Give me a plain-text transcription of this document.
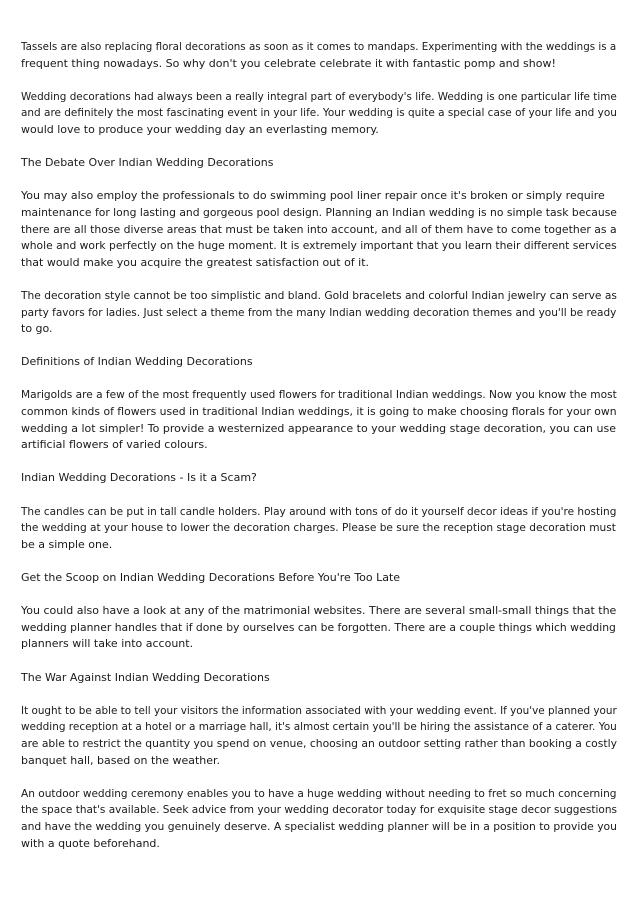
Tassels are also replacing floral decorations as soon as it comes to mandaps. Experimenting with the weddings is a
frequent thing nowadays. So why don't you celebrate celebrate it with fantastic pomp and show!
Wedding decorations had always been a really integral part of everybody's life. Wedding is one particular life time
and are definitely the most fascinating event in your life. Your wedding is quite a special case of your life and you
would love to produce your wedding day an everlasting memory.
The Debate Over Indian Wedding Decorations
You may also employ the professionals to do swimming pool liner repair once it's broken or simply require
maintenance for long lasting and gorgeous pool design. Planning an Indian wedding is no simple task because
there are all those diverse areas that must be taken into account, and all of them have to come together as a
whole and work perfectly on the huge moment. It is extremely important that you learn their different services
that would make you acquire the greatest satisfaction out of it.
The decoration style cannot be too simplistic and bland. Gold bracelets and colorful Indian jewelry can serve as
party favors for ladies. Just select a theme from the many Indian wedding decoration themes and you'll be ready
to go.
Definitions of Indian Wedding Decorations
Marigolds are a few of the most frequently used flowers for traditional Indian weddings. Now you know the most
common kinds of flowers used in traditional Indian weddings, it is going to make choosing florals for your own
wedding a lot simpler! To provide a westernized appearance to your wedding stage decoration, you can use
artificial flowers of varied colours.
Indian Wedding Decorations - Is it a Scam?
The candles can be put in tall candle holders. Play around with tons of do it yourself decor ideas if you're hosting
the wedding at your house to lower the decoration charges. Please be sure the reception stage decoration must
be a simple one.
Get the Scoop on Indian Wedding Decorations Before You're Too Late
You could also have a look at any of the matrimonial websites. There are several small-small things that the
wedding planner handles that if done by ourselves can be forgotten. There are a couple things which wedding
planners will take into account.
The War Against Indian Wedding Decorations
It ought to be able to tell your visitors the information associated with your wedding event. If you've planned your
wedding reception at a hotel or a marriage hall, it's almost certain you'll be hiring the assistance of a caterer. You
are able to restrict the quantity you spend on venue, choosing an outdoor setting rather than booking a costly
banquet hall, based on the weather.
An outdoor wedding ceremony enables you to have a huge wedding without needing to fret so much concerning
the space that's available. Seek advice from your wedding decorator today for exquisite stage decor suggestions
and have the wedding you genuinely deserve. A specialist wedding planner will be in a position to provide you
with a quote beforehand.
